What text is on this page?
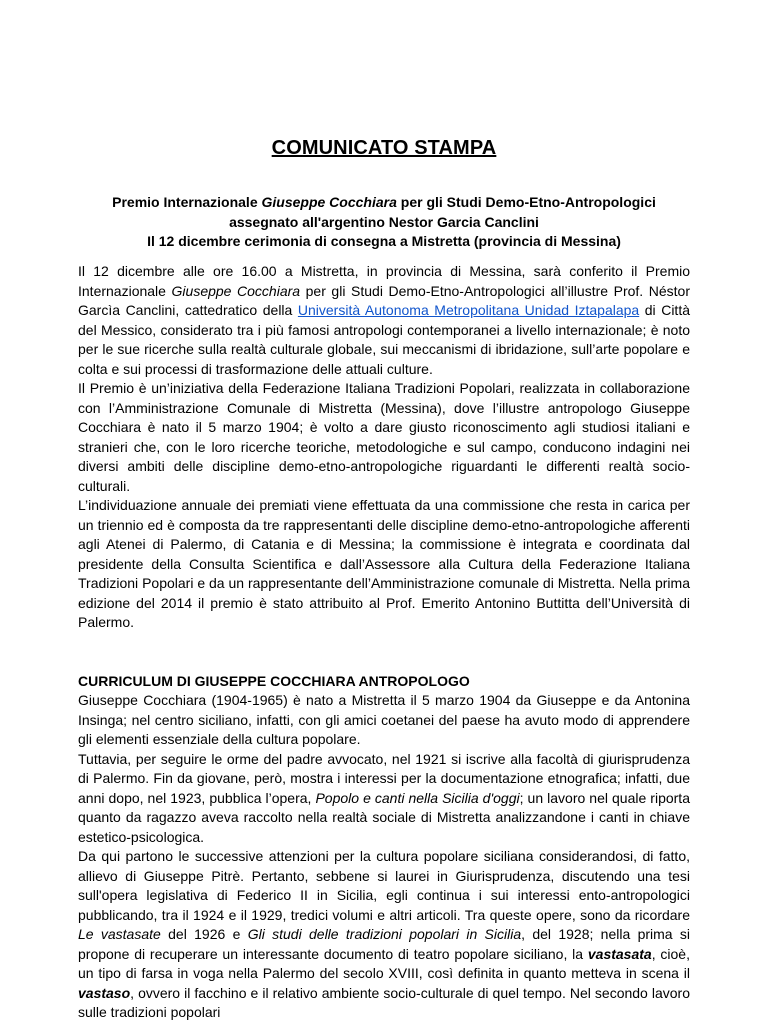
COMUNICATO STAMPA
Premio Internazionale Giuseppe Cocchiara per gli Studi Demo-Etno-Antropologici
assegnato all'argentino Nestor Garcia Canclini
Il 12 dicembre cerimonia di consegna a Mistretta (provincia di Messina)

Il 12 dicembre alle ore 16.00 a Mistretta, in provincia di Messina, sarà conferito il Premio Internazionale Giuseppe Cocchiara per gli Studi Demo-Etno-Antropologici all’illustre Prof. Néstor Garcìa Canclini, cattedratico della Università Autonoma Metropolitana Unidad Iztapalapa di Città del Messico, considerato tra i più famosi antropologi contemporanei a livello internazionale; è noto per le sue ricerche sulla realtà culturale globale, sui meccanismi di ibridazione, sull’arte popolare e colta e sui processi di trasformazione delle attuali culture.

Il Premio è un’iniziativa della Federazione Italiana Tradizioni Popolari, realizzata in collaborazione con l’Amministrazione Comunale di Mistretta (Messina), dove l’illustre antropologo Giuseppe Cocchiara è nato il 5 marzo 1904; è volto a dare giusto riconoscimento agli studiosi italiani e stranieri che, con le loro ricerche teoriche, metodologiche e sul campo, conducono indagini nei diversi ambiti delle discipline demo-etno-antropologiche riguardanti le differenti realtà socio-culturali.

L’individuazione annuale dei premiati viene effettuata da una commissione che resta in carica per un triennio ed è composta da tre rappresentanti delle discipline demo-etno-antropologiche afferenti agli Atenei di Palermo, di Catania e di Messina; la commissione è integrata e coordinata dal presidente della Consulta Scientifica e dall’Assessore alla Cultura della Federazione Italiana Tradizioni Popolari e da un rappresentante dell’Amministrazione comunale di Mistretta. Nella prima edizione del 2014 il premio è stato attribuito al Prof. Emerito Antonino Buttitta dell’Università di Palermo.

CURRICULUM DI GIUSEPPE COCCHIARA ANTROPOLOGO

Giuseppe Cocchiara (1904-1965) è nato a Mistretta il 5 marzo 1904 da Giuseppe e da Antonina Insinga; nel centro siciliano, infatti, con gli amici coetanei del paese ha avuto modo di apprendere gli elementi essenziale della cultura popolare.

Tuttavia, per seguire le orme del padre avvocato, nel 1921 si iscrive alla facoltà di giurisprudenza di Palermo. Fin da giovane, però, mostra i interessi per la documentazione etnografica; infatti, due anni dopo, nel 1923, pubblica l’opera, Popolo e canti nella Sicilia d'oggi; un lavoro nel quale riporta quanto da ragazzo aveva raccolto nella realtà sociale di Mistretta analizzandone i canti in chiave estetico-psicologica.

Da qui partono le successive attenzioni per la cultura popolare siciliana considerandosi, di fatto, allievo di Giuseppe Pitrè. Pertanto, sebbene si laurei in Giurisprudenza, discutendo una tesi sull'opera legislativa di Federico II in Sicilia, egli continua i sui interessi ento-antropologici pubblicando, tra il 1924 e il 1929, tredici volumi e altri articoli. Tra queste opere, sono da ricordare Le vastasate del 1926 e Gli studi delle tradizioni popolari in Sicilia, del 1928; nella prima si propone di recuperare un interessante documento di teatro popolare siciliano, la vastasata, cioè, un tipo di farsa in voga nella Palermo del secolo XVIII, così definita in quanto metteva in scena il vastaso, ovvero il facchino e il relativo ambiente socio-culturale di quel tempo. Nel secondo lavoro sulle tradizioni popolari
